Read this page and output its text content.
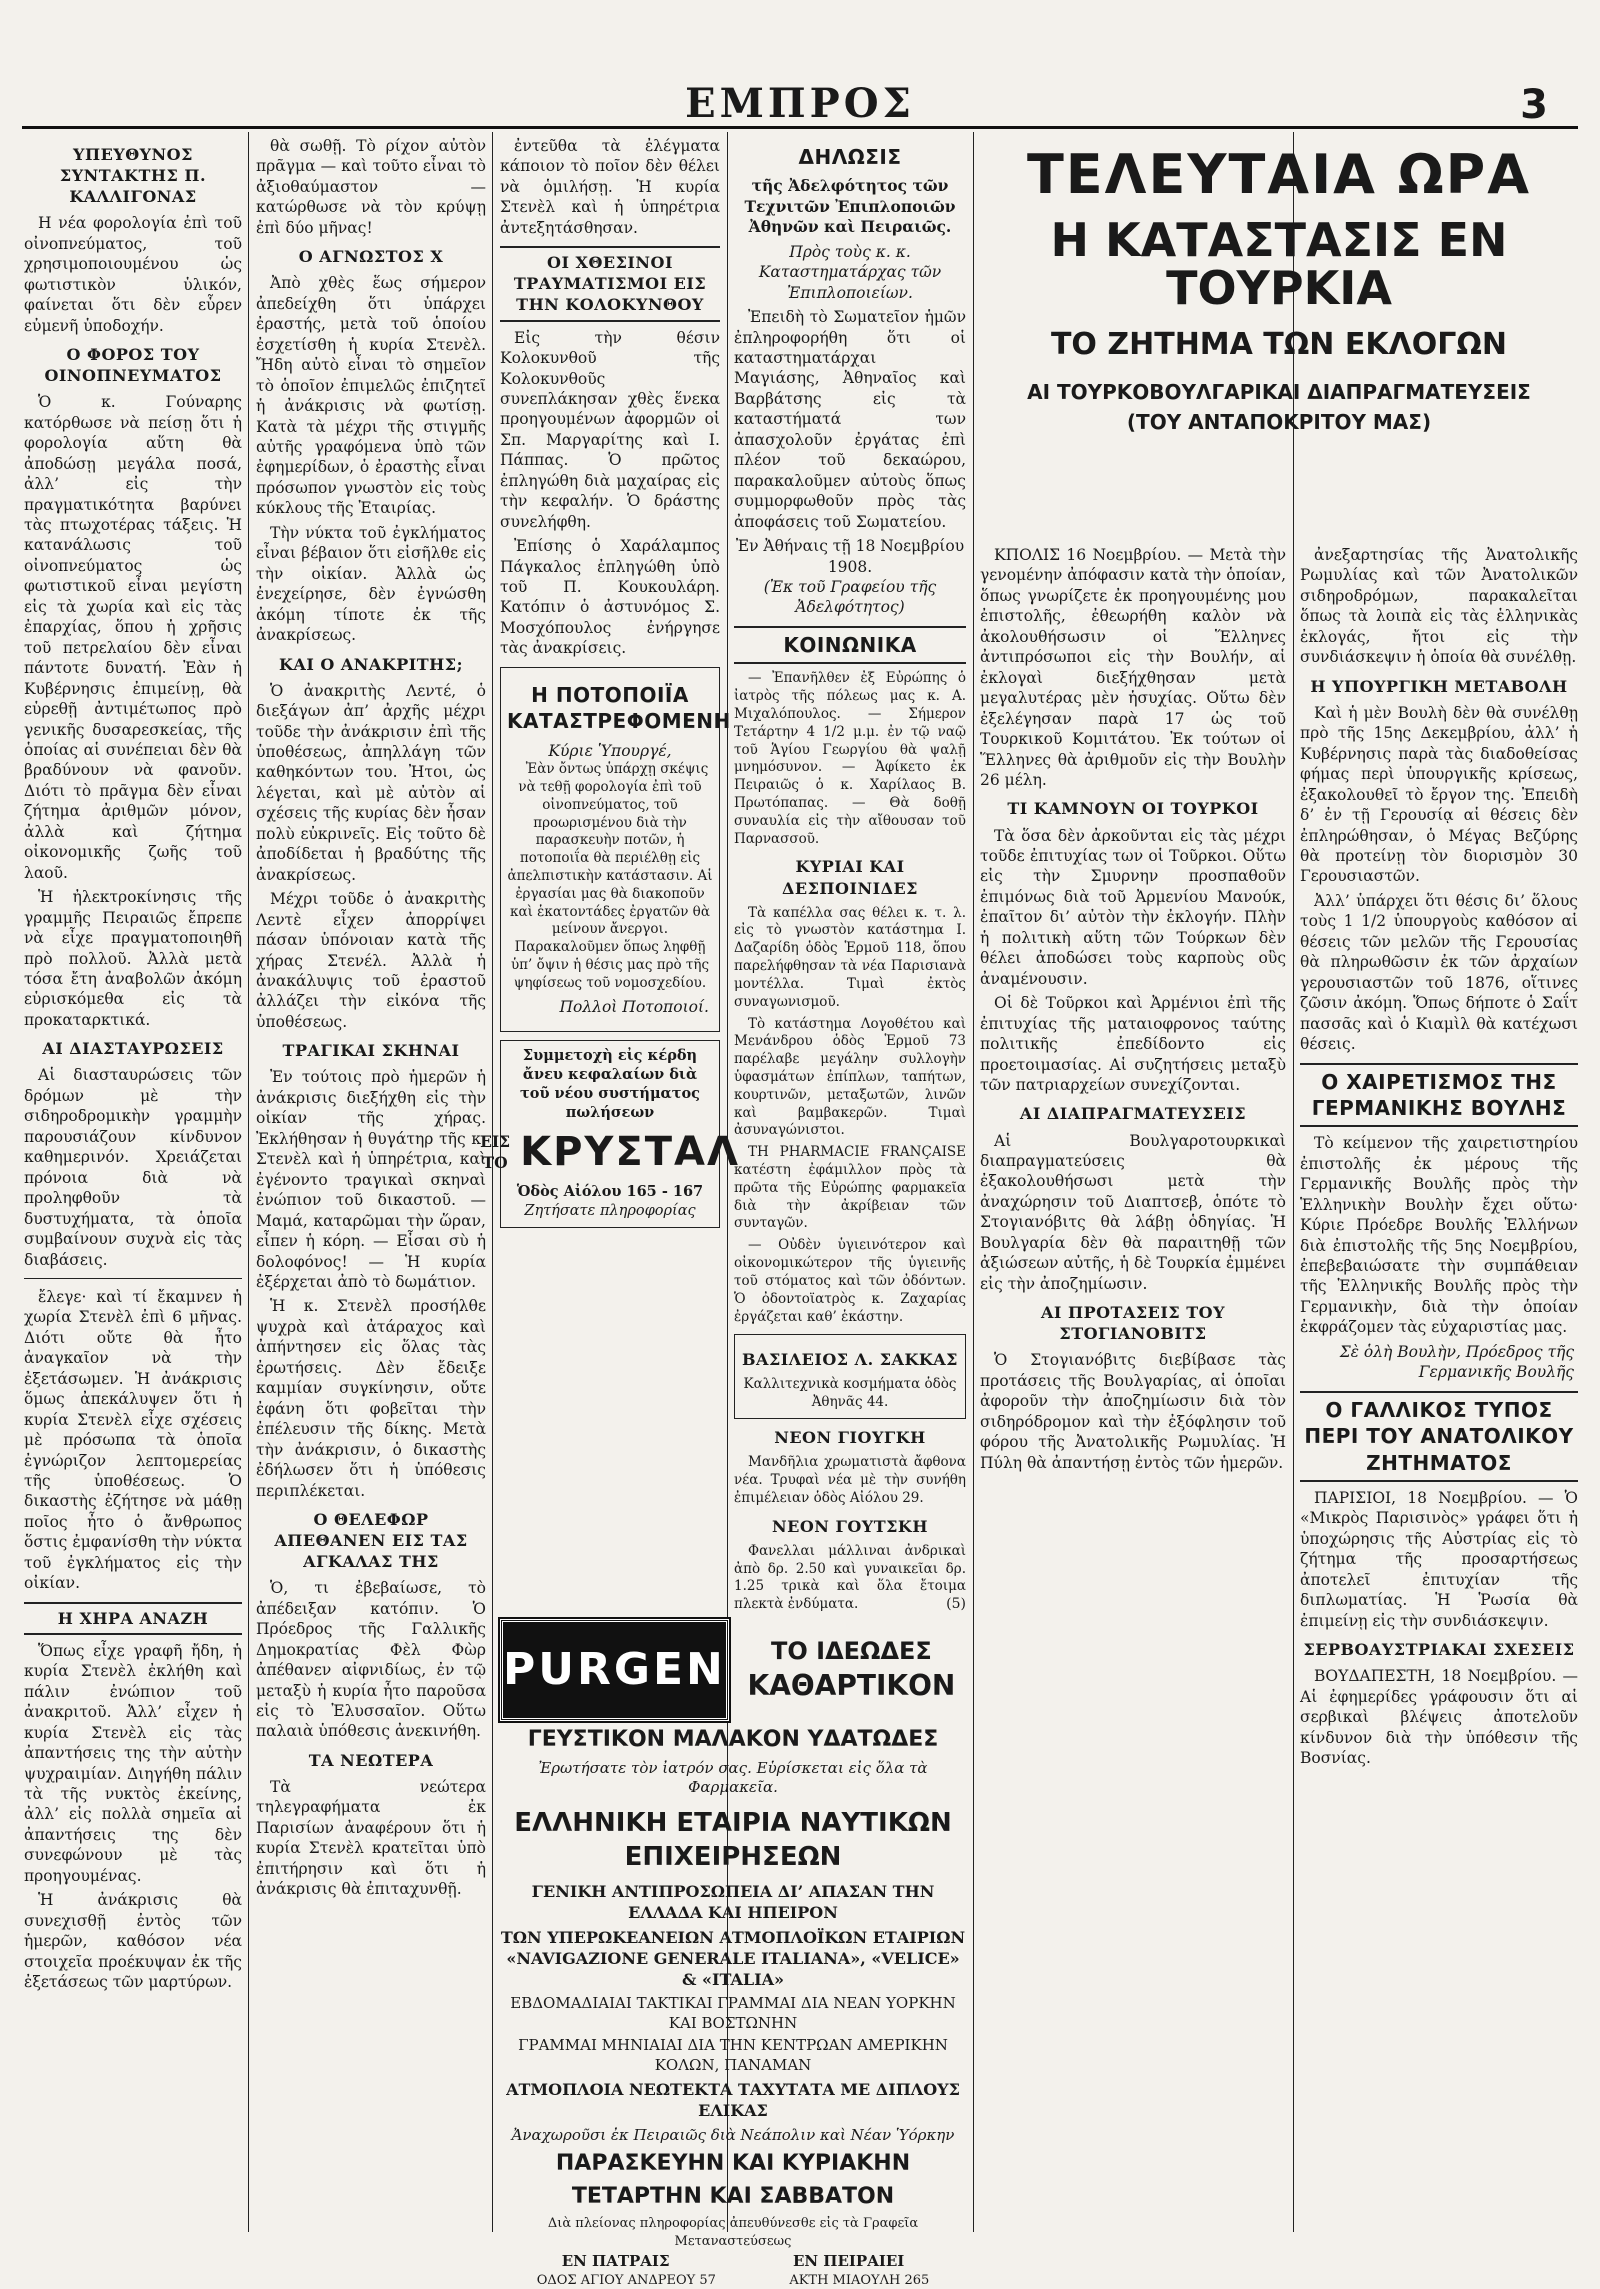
ΕΜΠΡΟΣ	3
ΥΠΕΥΘΥΝΟΣ ΣΥΝΤΑΚΤΗΣ Π. ΚΑΛΛΙΓΟΝΑΣ

Η νέα φορολογία ἐπὶ τοῦ οἰνοπνεύματος, τοῦ χρησιμοποιουμένου ὡς φωτιστικὸν ὑλικόν, φαίνεται ὅτι δὲν εὗρεν εὐμενῆ ὑποδοχήν.

Ο ΦΟΡΟΣ ΤΟΥ ΟΙΝΟΠΝΕΥΜΑΤΟΣ

Ὁ κ. Γούναρης κατόρθωσε νὰ πείσῃ ὅτι ἡ φορολογία αὕτη θὰ ἀποδώσῃ μεγάλα ποσά, ἀλλ’ εἰς τὴν πραγματικότητα βαρύνει τὰς πτωχοτέρας τάξεις. Ἡ κατανάλωσις τοῦ οἰνοπνεύματος ὡς φωτιστικοῦ εἶναι μεγίστη εἰς τὰ χωρία καὶ εἰς τὰς ἐπαρχίας, ὅπου ἡ χρῆσις τοῦ πετρελαίου δὲν εἶναι πάντοτε δυνατή. Ἐὰν ἡ Κυβέρνησις ἐπιμείνῃ, θὰ εὑρεθῇ ἀντιμέτωπος πρὸ γενικῆς δυσαρεσκείας, τῆς ὁποίας αἱ συνέπειαι δὲν θὰ βραδύνουν νὰ φανοῦν. Διότι τὸ πρᾶγμα δὲν εἶναι ζήτημα ἀριθμῶν μόνον, ἀλλὰ καὶ ζήτημα οἰκονομικῆς ζωῆς τοῦ λαοῦ.

Ἡ ἠλεκτροκίνησις τῆς γραμμῆς Πειραιῶς ἔπρεπε νὰ εἶχε πραγματοποιηθῆ πρὸ πολλοῦ. Ἀλλὰ μετὰ τόσα ἔτη ἀναβολῶν ἀκόμη εὑρισκόμεθα εἰς τὰ προκαταρκτικά.

ΑΙ ΔΙΑΣΤΑΥΡΩΣΕΙΣ

Αἱ διασταυρώσεις τῶν δρόμων μὲ τὴν σιδηροδρομικὴν γραμμὴν παρουσιάζουν κίνδυνον καθημερινόν. Χρειάζεται πρόνοια διὰ νὰ προληφθοῦν τὰ δυστυχήματα, τὰ ὁποῖα συμβαίνουν συχνὰ εἰς τὰς διαβάσεις.

ἔλεγε· καὶ τί ἔκαμνεν ἡ χωρία Στενὲλ ἐπὶ 6 μῆνας. Διότι οὔτε θὰ ἦτο ἀναγκαῖον νὰ τὴν ἐξετάσωμεν. Ἡ ἀνάκρισις ὅμως ἀπεκάλυψεν ὅτι ἡ κυρία Στενὲλ εἶχε σχέσεις μὲ πρόσωπα τὰ ὁποῖα ἐγνώριζον λεπτομερείας τῆς ὑποθέσεως. Ὁ δικαστὴς ἐζήτησε νὰ μάθῃ ποῖος ἦτο ὁ ἄνθρωπος ὅστις ἐμφανίσθη τὴν νύκτα τοῦ ἐγκλήματος εἰς τὴν οἰκίαν.

Η ΧΗΡΑ ΑΝΑΖΗ

Ὅπως εἶχε γραφῆ ἤδη, ἡ κυρία Στενὲλ ἐκλήθη καὶ πάλιν ἐνώπιον τοῦ ἀνακριτοῦ. Ἀλλ’ εἶχεν ἡ κυρία Στενὲλ εἰς τὰς ἀπαντήσεις της τὴν αὐτὴν ψυχραιμίαν. Διηγήθη πάλιν τὰ τῆς νυκτὸς ἐκείνης, ἀλλ’ εἰς πολλὰ σημεῖα αἱ ἀπαντήσεις της δὲν συνεφώνουν μὲ τὰς προηγουμένας.

Ἡ ἀνάκρισις θὰ συνεχισθῇ ἐντὸς τῶν ἡμερῶν, καθόσον νέα στοιχεῖα προέκυψαν ἐκ τῆς ἐξετάσεως τῶν μαρτύρων.

θὰ σωθῇ. Τὸ ρίχον αὐτὸν πρᾶγμα — καὶ τοῦτο εἶναι τὸ ἀξιοθαύμαστον — κατώρθωσε νὰ τὸν κρύψῃ ἐπὶ δύο μῆνας!

Ο ΑΓΝΩΣΤΟΣ Χ

Ἀπὸ χθὲς ἕως σήμερον ἀπεδείχθη ὅτι ὑπάρχει ἐραστής, μετὰ τοῦ ὁποίου ἐσχετίσθη ἡ κυρία Στενὲλ. Ἤδη αὐτὸ εἶναι τὸ σημεῖον τὸ ὁποῖον ἐπιμελῶς ἐπιζητεῖ ἡ ἀνάκρισις νὰ φωτίσῃ. Κατὰ τὰ μέχρι τῆς στιγμῆς αὐτῆς γραφόμενα ὑπὸ τῶν ἐφημερίδων, ὁ ἐραστὴς εἶναι πρόσωπον γνωστὸν εἰς τοὺς κύκλους τῆς Ἐταιρίας.

Τὴν νύκτα τοῦ ἐγκλήματος εἶναι βέβαιον ὅτι εἰσῆλθε εἰς τὴν οἰκίαν. Ἀλλὰ ὡς ἐνεχείρησε, δὲν ἐγνώσθη ἀκόμη τίποτε ἐκ τῆς ἀνακρίσεως.

ΚΑΙ Ο ΑΝΑΚΡΙΤΗΣ;

Ὁ ἀνακριτὴς Λεντέ, ὁ διεξάγων ἀπ’ ἀρχῆς μέχρι τοῦδε τὴν ἀνάκρισιν ἐπὶ τῆς ὑποθέσεως, ἀπηλλάγη τῶν καθηκόντων του. Ἠτοι, ὡς λέγεται, καὶ μὲ αὐτὸν αἱ σχέσεις τῆς κυρίας δὲν ἦσαν πολὺ εὐκρινεῖς. Εἰς τοῦτο δὲ ἀποδίδεται ἡ βραδύτης τῆς ἀνακρίσεως.

Μέχρι τοῦδε ὁ ἀνακριτὴς Λεντὲ εἶχεν ἀπορρίψει πάσαν ὑπόνοιαν κατὰ τῆς χήρας Στενέλ. Ἀλλὰ ἡ ἀνακάλυψις τοῦ ἐραστοῦ ἀλλάζει τὴν εἰκόνα τῆς ὑποθέσεως.

ΤΡΑΓΙΚΑΙ ΣΚΗΝΑΙ

Ἐν τούτοις πρὸ ἡμερῶν ἡ ἀνάκρισις διεξήχθη εἰς τὴν οἰκίαν τῆς χήρας. Ἐκλήθησαν ἡ θυγάτηρ τῆς κ. Στενὲλ καὶ ἡ ὑπηρέτρια, καὶ ἐγένοντο τραγικαὶ σκηναὶ ἐνώπιον τοῦ δικαστοῦ. — Μαμά, καταρῶμαι τὴν ὥραν, εἶπεν ἡ κόρη. — Εἶσαι σὺ ἡ δολοφόνος! — Ἡ κυρία ἐξέρχεται ἀπὸ τὸ δωμάτιον.

Ἡ κ. Στενὲλ προσήλθε ψυχρὰ καὶ ἀτάραχος καὶ ἀπήντησεν εἰς ὅλας τὰς ἐρωτήσεις. Δὲν ἔδειξε καμμίαν συγκίνησιν, οὔτε ἐφάνη ὅτι φοβεῖται τὴν ἐπέλευσιν τῆς δίκης. Μετὰ τὴν ἀνάκρισιν, ὁ δικαστὴς ἐδήλωσεν ὅτι ἡ ὑπόθεσις περιπλέκεται.

Ο ΘΕΛΕΦΩΡ ΑΠΕΘΑΝΕΝ ΕΙΣ ΤΑΣ ΑΓΚΑΛΑΣ ΤΗΣ

Ὁ, τι ἐβεβαίωσε, τὸ ἀπέδειξαν κατόπιν. Ὁ Πρόεδρος τῆς Γαλλικῆς Δημοκρατίας Φὲλ Φὼρ ἀπέθανεν αἰφνιδίως, ἐν τῷ μεταξὺ ἡ κυρία ἦτο παροῦσα εἰς τὸ Ἐλυσσαῖον. Οὕτω παλαιὰ ὑπόθεσις ἀνεκινήθη.

ΤΑ ΝΕΩΤΕΡΑ

Τὰ νεώτερα τηλεγραφήματα ἐκ Παρισίων ἀναφέρουν ὅτι ἡ κυρία Στενὲλ κρατεῖται ὑπὸ ἐπιτήρησιν καὶ ὅτι ἡ ἀνάκρισις θὰ ἐπιταχυνθῇ.

ἐντεῦθα τὰ ἐλέγματα κάποιον τὸ ποῖον δὲν θέλει νὰ ὁμιλήσῃ. Ἡ κυρία Στενὲλ καὶ ἡ ὑπηρέτρια ἀντεξητάσθησαν.

ΟΙ ΧΘΕΣΙΝΟΙ ΤΡΑΥΜΑΤΙΣΜΟΙ ΕΙΣ ΤΗΝ ΚΟΛΟΚΥΝΘΟΥ

Εἰς τὴν θέσιν Κολοκυνθοῦ τῆς Κολοκυνθοῦς συνεπλάκησαν χθὲς ἕνεκα προηγουμένων ἀφορμῶν οἱ Σπ. Μαργαρίτης καὶ Ι. Πάππας. Ὁ πρῶτος ἐπληγώθη διὰ μαχαίρας εἰς τὴν κεφαλήν. Ὁ δράστης συνελήφθη.

Ἐπίσης ὁ Χαράλαμπος Πάγκαλος ἐπληγώθη ὑπὸ τοῦ Π. Κουκουλάρη. Κατόπιν ὁ ἀστυνόμος Σ. Μοσχόπουλος ἐνήργησε τὰς ἀνακρίσεις.

Η ΠΟΤΟΠΟΙΪΑ ΚΑΤΑΣΤΡΕΦΟΜΕΝΗ
Κύριε Ὑπουργέ,

Ἐὰν ὄντως ὑπάρχῃ σκέψις νὰ τεθῇ φορολογία ἐπὶ τοῦ οἰνοπνεύματος, τοῦ προωρισμένου διὰ τὴν παρασκευὴν ποτῶν, ἡ ποτοποιΐα θὰ περιέλθῃ εἰς ἀπελπιστικὴν κατάστασιν. Αἱ ἐργασίαι μας θὰ διακοποῦν καὶ ἑκατοντάδες ἐργατῶν θὰ μείνουν ἄνεργοι. Παρακαλοῦμεν ὅπως ληφθῇ ὑπ’ ὄψιν ἡ θέσις μας πρὸ τῆς ψηφίσεως τοῦ νομοσχεδίου.

Πολλοὶ Ποτοποιοί.
Συμμετοχὴ εἰς κέρδη ἄνευ κεφαλαίων διὰ τοῦ νέου συστήματος πωλήσεων
ΕΙΣ ΤΟ ΚΡΥΣΤΑΛ
Ὁδὸς Αἰόλου 165 - 167
Ζητήσατε πληροφορίας
ΔΗΛΩΣΙΣ
τῆς Ἀδελφότητος τῶν Τεχνιτῶν Ἐπιπλοποιῶν Ἀθηνῶν καὶ Πειραιῶς.
Πρὸς τοὺς κ. κ. Καταστηματάρχας τῶν Ἐπιπλοποιείων.

Ἐπειδὴ τὸ Σωματεῖον ἡμῶν ἐπληροφορήθη ὅτι οἱ καταστηματάρχαι Μαγιάσης, Ἀθηναῖος καὶ Βαρβάτσης εἰς τὰ καταστήματά των ἀπασχολοῦν ἐργάτας ἐπὶ πλέον τοῦ δεκαώρου, παρακαλοῦμεν αὐτοὺς ὅπως συμμορφωθοῦν πρὸς τὰς ἀποφάσεις τοῦ Σωματείου.

Ἐν Ἀθήναις τῇ 18 Νοεμβρίου 1908.
(Ἐκ τοῦ Γραφείου τῆς Ἀδελφότητος)
ΚΟΙΝΩΝΙΚΑ

— Ἐπανῆλθεν ἐξ Εὐρώπης ὁ ἰατρὸς τῆς πόλεως μας κ. Α. Μιχαλόπουλος. — Σήμερον Τετάρτην 4 1/2 μ.μ. ἐν τῷ ναῷ τοῦ Ἁγίου Γεωργίου θὰ ψαλῇ μνημόσυνον. — Ἀφίκετο ἐκ Πειραιῶς ὁ κ. Χαρίλαος Β. Πρωτόπαπας. — Θὰ δοθῇ συναυλία εἰς τὴν αἴθουσαν τοῦ Παρνασσοῦ.

ΚΥΡΙΑΙ ΚΑΙ ΔΕΣΠΟΙΝΙΔΕΣ

Τὰ καπέλλα σας θέλει κ. τ. λ. εἰς τὸ γνωστὸν κατάστημα Ι. Δαζαρίδη ὁδὸς Ἑρμοῦ 118, ὅπου παρελήφθησαν τὰ νέα Παρισιανὰ μοντέλλα. Τιμαὶ ἐκτὸς συναγωνισμοῦ.

Τὸ κατάστημα Λογοθέτου καὶ Μενάνδρου ὁδὸς Ἑρμοῦ 73 παρέλαβε μεγάλην συλλογὴν ὑφασμάτων ἐπίπλων, ταπήτων, κουρτινῶν, μεταξωτῶν, λινῶν καὶ βαμβακερῶν. Τιμαὶ ἀσυναγώνιστοι.

ΤΗ PHARMACIE FRANÇAISE κατέστη ἐφάμιλλον πρὸς τὰ πρῶτα τῆς Εὐρώπης φαρμακεῖα διὰ τὴν ἀκρίβειαν τῶν συνταγῶν.

— Οὐδὲν ὑγιεινότερον καὶ οἰκονομικώτερον τῆς ὑγιεινῆς τοῦ στόματος καὶ τῶν ὀδόντων. Ὁ ὀδοντοϊατρὸς κ. Ζαχαρίας ἐργάζεται καθ’ ἑκάστην.

ΒΑΣΙΛΕΙΟΣ Λ. ΣΑΚΚΑΣ
Καλλιτεχνικὰ κοσμήματα ὁδὸς Ἀθηνᾶς 44.
ΝΕΟΝ ΓΙΟΥΓΚΗ

Μανδῆλια χρωματιστὰ ἄφθονα νέα. Τρυφαὶ νέα μὲ τὴν συνήθη ἐπιμέλειαν ὁδὸς Αἰόλου 29.

ΝΕΟΝ ΓΟΥΤΣΚΗ

Φανελλαι μάλλιναι ἀνδρικαὶ ἀπὸ δρ. 2.50 καὶ γυναικεῖαι δρ. 1.25 τρικὰ καὶ ὅλα ἔτοιμα πλεκτὰ ἐνδύματα.	(5)
PURGEN	ΤΟ ΙΔΕΩΔΕΣ
ΚΑΘΑΡΤΙΚΟΝ
ΓΕΥΣΤΙΚΟΝ ΜΑΛΑΚΟΝ ΥΔΑΤΩΔΕΣ
Ἐρωτήσατε τὸν ἰατρόν σας. Εὑρίσκεται εἰς ὅλα τὰ Φαρμακεῖα.
ΕΛΛΗΝΙΚΗ ΕΤΑΙΡΙΑ ΝΑΥΤΙΚΩΝ ΕΠΙΧΕΙΡΗΣΕΩΝ
ΓΕΝΙΚΗ ΑΝΤΙΠΡΟΣΩΠΕΙΑ ΔΙ’ ΑΠΑΣΑΝ ΤΗΝ ΕΛΛΑΔΑ ΚΑΙ ΗΠΕΙΡΟΝ
ΤΩΝ ΥΠΕΡΩΚΕΑΝΕΙΩΝ ΑΤΜΟΠΛΟΪΚΩΝ ΕΤΑΙΡΙΩΝ «NAVIGAZIONE GENERALE ITALIANA», «VELICE» & «ITALIA»
ΕΒΔΟΜΑΔΙΑΙΑΙ ΤΑΚΤΙΚΑΙ ΓΡΑΜΜΑΙ ΔΙΑ ΝΕΑΝ ΥΟΡΚΗΝ ΚΑΙ ΒΟΣΤΩΝΗΝ
ΓΡΑΜΜΑΙ ΜΗΝΙΑΙΑΙ ΔΙΑ ΤΗΝ ΚΕΝΤΡΩΑΝ ΑΜΕΡΙΚΗΝ ΚΟΛΩΝ, ΠΑΝΑΜΑΝ
ΑΤΜΟΠΛΟΙΑ ΝΕΩΤΕΚΤΑ ΤΑΧΥΤΑΤΑ ΜΕ ΔΙΠΛΟΥΣ ΕΛΙΚΑΣ
Ἀναχωροῦσι ἐκ Πειραιῶς διὰ Νεάπολιν καὶ Νέαν Ὑόρκην
ΠΑΡΑΣΚΕΥΗΝ ΚΑΙ ΚΥΡΙΑΚΗΝ
ΤΕΤΑΡΤΗΝ ΚΑΙ ΣΑΒΒΑΤΟΝ
Διὰ πλείονας πληροφορίας ἀπευθύνεσθε εἰς τὰ Γραφεῖα Μεταναστεύσεως
ΕΝ ΠΑΤΡΑΙΣ	ΕΝ ΠΕΙΡΑΙΕΙ
ΟΔΟΣ ΑΓΙΟΥ ΑΝΔΡΕΟΥ 57	ΑΚΤΗ ΜΙΑΟΥΛΗ 265
ΤΕΛΕΥΤΑΙΑ ΩΡΑ
Η ΚΑΤΑΣΤΑΣΙΣ ΕΝ ΤΟΥΡΚΙΑ
ΤΟ ΖΗΤΗΜΑ ΤΩΝ ΕΚΛΟΓΩΝ
ΑΙ ΤΟΥΡΚΟΒΟΥΛΓΑΡΙΚΑΙ ΔΙΑΠΡΑΓΜΑΤΕΥΣΕΙΣ
(ΤΟΥ ΑΝΤΑΠΟΚΡΙΤΟΥ ΜΑΣ)

ΚΠΟΛΙΣ 16 Νοεμβρίου. — Μετὰ τὴν γενομένην ἀπόφασιν κατὰ τὴν ὁποίαν, ὅπως γνωρίζετε ἐκ προηγουμένης μου ἐπιστολῆς, ἐθεωρήθη καλὸν νὰ ἀκολουθήσωσιν οἱ Ἕλληνες ἀντιπρόσωποι εἰς τὴν Βουλήν, αἱ ἐκλογαὶ διεξήχθησαν μετὰ μεγαλυτέρας μὲν ἡσυχίας. Οὕτω δὲν ἐξελέγησαν παρὰ 17 ὡς τοῦ Τουρκικοῦ Κομιτάτου. Ἐκ τούτων οἱ Ἕλληνες θὰ ἀριθμοῦν εἰς τὴν Βουλὴν 26 μέλη.

ΤΙ ΚΑΜΝΟΥΝ ΟΙ ΤΟΥΡΚΟΙ

Τὰ ὅσα δὲν ἀρκοῦνται εἰς τὰς μέχρι τοῦδε ἐπιτυχίας των οἱ Τοῦρκοι. Οὕτω εἰς τὴν Σμυρνην προσπαθοῦν ἐπιμόνως διὰ τοῦ Ἀρμενίου Μανούκ, ἐπαῖτον δι’ αὐτὸν τὴν ἐκλογήν. Πλὴν ἡ πολιτικὴ αὕτη τῶν Τούρκων δὲν θέλει ἀποδώσει τοὺς καρποὺς οὓς ἀναμένουσιν.

Οἱ δὲ Τοῦρκοι καὶ Ἀρμένιοι ἐπὶ τῆς ἐπιτυχίας τῆς ματαιοφρονος ταύτης πολιτικῆς ἐπεδίδοντο εἰς προετοιμασίας. Αἱ συζητήσεις μεταξὺ τῶν πατριαρχείων συνεχίζονται.

ΑΙ ΔΙΑΠΡΑΓΜΑΤΕΥΣΕΙΣ

Αἱ Βουλγαροτουρκικαὶ διαπραγματεύσεις θὰ ἐξακολουθήσωσι μετὰ τὴν ἀναχώρησιν τοῦ Διαπτσεβ, ὁπότε τὸ Στογιανόβιτς θὰ λάβῃ ὁδηγίας. Ἡ Βουλγαρία δὲν θὰ παραιτηθῇ τῶν ἀξιώσεων αὐτῆς, ἡ δὲ Τουρκία ἐμμένει εἰς τὴν ἀποζημίωσιν.

ΑΙ ΠΡΟΤΑΣΕΙΣ ΤΟΥ ΣΤΟΓΙΑΝΟΒΙΤΣ

Ὁ Στογιανόβιτς διεβίβασε τὰς προτάσεις τῆς Βουλγαρίας, αἱ ὁποῖαι ἀφοροῦν τὴν ἀποζημίωσιν διὰ τὸν σιδηρόδρομον καὶ τὴν ἐξόφλησιν τοῦ φόρου τῆς Ἀνατολικῆς Ρωμυλίας. Ἡ Πύλη θὰ ἀπαντήσῃ ἐντὸς τῶν ἡμερῶν.

ἀνεξαρτησίας τῆς Ἀνατολικῆς Ρωμυλίας καὶ τῶν Ἀνατολικῶν σιδηροδρόμων, παρακαλεῖται ὅπως τὰ λοιπὰ εἰς τὰς ἑλληνικὰς ἐκλογάς, ἤτοι εἰς τὴν συνδιάσκεψιν ἡ ὁποία θὰ συνέλθῃ.

Η ΥΠΟΥΡΓΙΚΗ ΜΕΤΑΒΟΛΗ

Καὶ ἡ μὲν Βουλὴ δὲν θὰ συνέλθῃ πρὸ τῆς 15ης Δεκεμβρίου, ἀλλ’ ἡ Κυβέρνησις παρὰ τὰς διαδοθείσας φήμας περὶ ὑπουργικῆς κρίσεως, ἐξακολουθεῖ τὸ ἔργον της. Ἐπειδὴ δ’ ἐν τῇ Γερουσίᾳ αἱ θέσεις δὲν ἐπληρώθησαν, ὁ Μέγας Βεζύρης θὰ προτείνῃ τὸν διορισμὸν 30 Γερουσιαστῶν.

Ἀλλ’ ὑπάρχει ὅτι θέσις δι’ ὅλους τοὺς 1 1/2 ὑπουργοὺς καθόσον αἱ θέσεις τῶν μελῶν τῆς Γερουσίας θὰ πληρωθῶσιν ἐκ τῶν ἀρχαίων γερουσιαστῶν τοῦ 1876, οἵτινες ζῶσιν ἀκόμη. Ὅπως δήποτε ὁ Σαΐτ πασσᾶς καὶ ὁ Κιαμὶλ θὰ κατέχωσι θέσεις.

Ο ΧΑΙΡΕΤΙΣΜΟΣ ΤΗΣ ΓΕΡΜΑΝΙΚΗΣ ΒΟΥΛΗΣ

Τὸ κείμενον τῆς χαιρετιστηρίου ἐπιστολῆς ἐκ μέρους τῆς Γερμανικῆς Βουλῆς πρὸς τὴν Ἑλληνικὴν Βουλὴν ἔχει οὕτω· Κύριε Πρόεδρε Βουλῆς Ἑλλήνων διὰ ἐπιστολῆς τῆς 5ης Νοεμβρίου, ἐπεβεβαιώσατε τὴν συμπάθειαν τῆς Ἑλληνικῆς Βουλῆς πρὸς τὴν Γερμανικὴν, διὰ τὴν ὁποίαν ἐκφράζομεν τὰς εὐχαριστίας μας.

Σὲ ὁλὴ Βουλὴν, Πρόεδρος τῆς Γερμανικῆς Βουλῆς
Ο ΓΑΛΛΙΚΟΣ ΤΥΠΟΣ ΠΕΡΙ ΤΟΥ ΑΝΑΤΟΛΙΚΟΥ ΖΗΤΗΜΑΤΟΣ

ΠΑΡΙΣΙΟΙ, 18 Νοεμβρίου. — Ὁ «Μικρὸς Παρισινὸς» γράφει ὅτι ἡ ὑποχώρησις τῆς Αὐστρίας εἰς τὸ ζήτημα τῆς προσαρτήσεως ἀποτελεῖ ἐπιτυχίαν τῆς διπλωματίας. Ἡ Ῥωσία θὰ ἐπιμείνῃ εἰς τὴν συνδιάσκεψιν.

ΣΕΡΒΟΑΥΣΤΡΙΑΚΑΙ ΣΧΕΣΕΙΣ

ΒΟΥΔΑΠΕΣΤΗ, 18 Νοεμβρίου. — Αἱ ἐφημερίδες γράφουσιν ὅτι αἱ σερβικαὶ βλέψεις ἀποτελοῦν κίνδυνον διὰ τὴν ὑπόθεσιν τῆς Βοσνίας.
